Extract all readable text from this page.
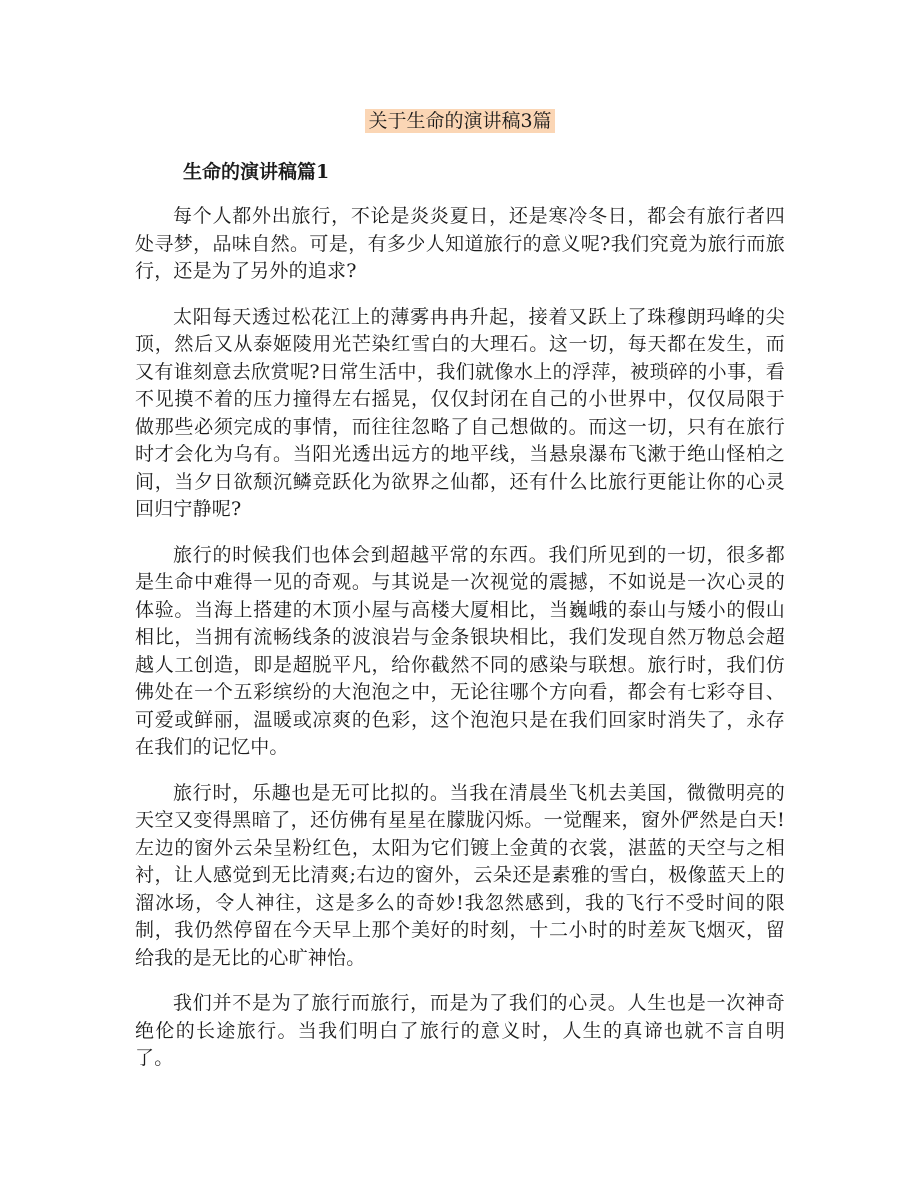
关于生命的演讲稿3篇
生命的演讲稿篇1

每个人都外出旅行，不论是炎炎夏日，还是寒冷冬日，都会有旅行者四处寻梦，品味自然。可是，有多少人知道旅行的意义呢?我们究竟为旅行而旅行，还是为了另外的追求?

太阳每天透过松花江上的薄雾冉冉升起，接着又跃上了珠穆朗玛峰的尖顶，然后又从泰姬陵用光芒染红雪白的大理石。这一切，每天都在发生，而又有谁刻意去欣赏呢?日常生活中，我们就像水上的浮萍，被琐碎的小事，看不见摸不着的压力撞得左右摇晃，仅仅封闭在自己的小世界中，仅仅局限于做那些必须完成的事情，而往往忽略了自己想做的。而这一切，只有在旅行时才会化为乌有。当阳光透出远方的地平线，当悬泉瀑布飞漱于绝山怪柏之间，当夕日欲颓沉鳞竞跃化为欲界之仙都，还有什么比旅行更能让你的心灵回归宁静呢?

旅行的时候我们也体会到超越平常的东西。我们所见到的一切，很多都是生命中难得一见的奇观。与其说是一次视觉的震撼，不如说是一次心灵的体验。当海上搭建的木顶小屋与高楼大厦相比，当巍峨的泰山与矮小的假山相比，当拥有流畅线条的波浪岩与金条银块相比，我们发现自然万物总会超越人工创造，即是超脱平凡，给你截然不同的感染与联想。旅行时，我们仿佛处在一个五彩缤纷的大泡泡之中，无论往哪个方向看，都会有七彩夺目、可爱或鲜丽，温暖或凉爽的色彩，这个泡泡只是在我们回家时消失了，永存在我们的记忆中。

旅行时，乐趣也是无可比拟的。当我在清晨坐飞机去美国，微微明亮的天空又变得黑暗了，还仿佛有星星在朦胧闪烁。一觉醒来，窗外俨然是白天!左边的窗外云朵呈粉红色，太阳为它们镀上金黄的衣裳，湛蓝的天空与之相衬，让人感觉到无比清爽;右边的窗外，云朵还是素雅的雪白，极像蓝天上的溜冰场，令人神往，这是多么的奇妙!我忽然感到，我的飞行不受时间的限制，我仍然停留在今天早上那个美好的时刻，十二小时的时差灰飞烟灭，留给我的是无比的心旷神怡。

我们并不是为了旅行而旅行，而是为了我们的心灵。人生也是一次神奇绝伦的长途旅行。当我们明白了旅行的意义时，人生的真谛也就不言自明了。
